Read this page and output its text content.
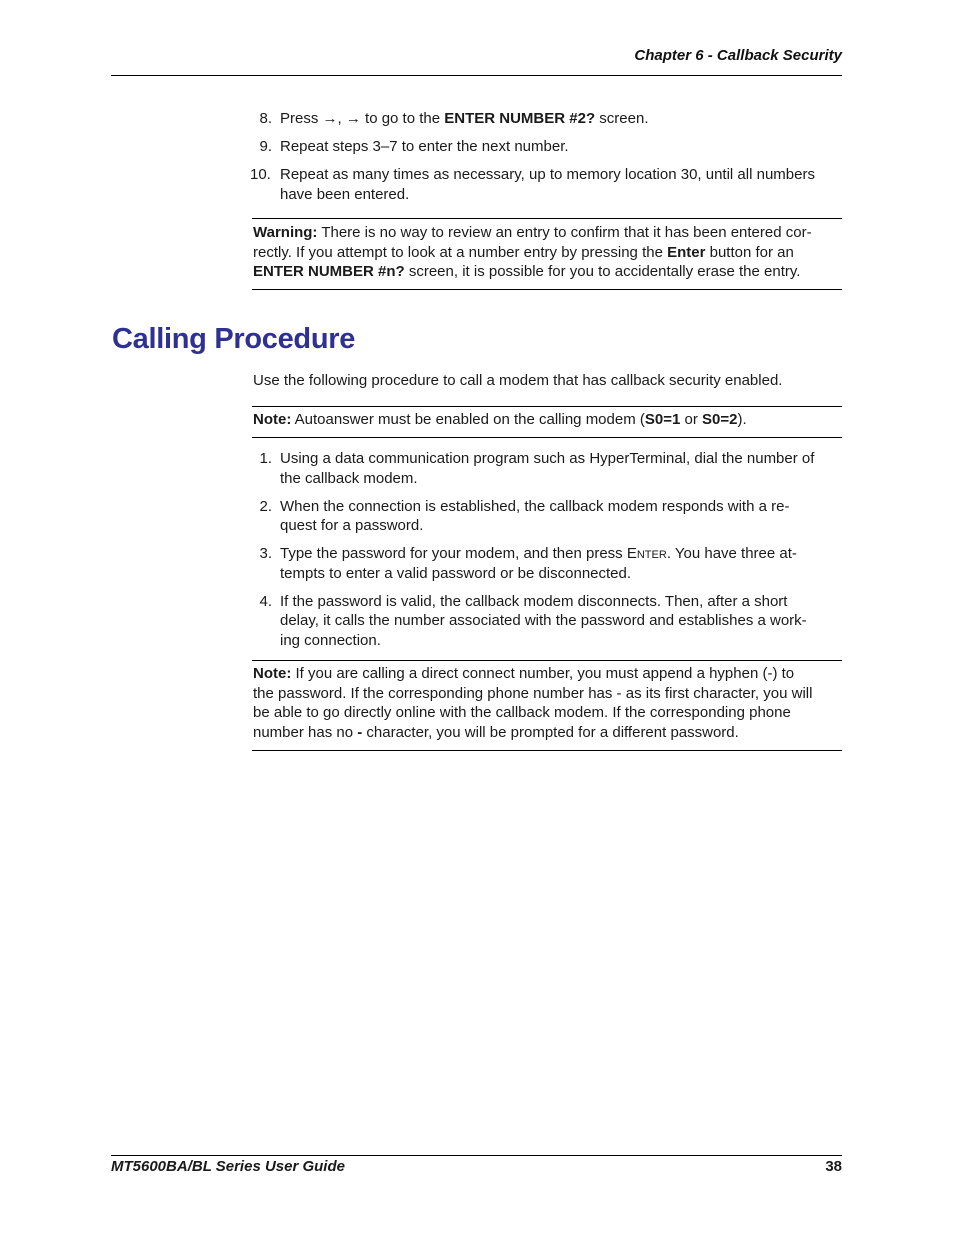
Chapter 6 - Callback Security
8. Press →, → to go to the ENTER NUMBER #2? screen.
9. Repeat steps 3–7 to enter the next number.
10. Repeat as many times as necessary, up to memory location 30, until all numbers
have been entered.
Warning: There is no way to review an entry to confirm that it has been entered cor-
rectly. If you attempt to look at a number entry by pressing the Enter button for an
ENTER NUMBER #n? screen, it is possible for you to accidentally erase the entry.
Calling Procedure
Use the following procedure to call a modem that has callback security enabled.
Note: Autoanswer must be enabled on the calling modem (S0=1 or S0=2).
1. Using a data communication program such as HyperTerminal, dial the number of
the callback modem.
2. When the connection is established, the callback modem responds with a re-
quest for a password.
3. Type the password for your modem, and then press Enter. You have three at-
tempts to enter a valid password or be disconnected.
4. If the password is valid, the callback modem disconnects. Then, after a short
delay, it calls the number associated with the password and establishes a work-
ing connection.
Note: If you are calling a direct connect number, you must append a hyphen (-) to
the password. If the corresponding phone number has - as its first character, you will
be able to go directly online with the callback modem. If the corresponding phone
number has no - character, you will be prompted for a different password.
MT5600BA/BL Series User Guide	38
